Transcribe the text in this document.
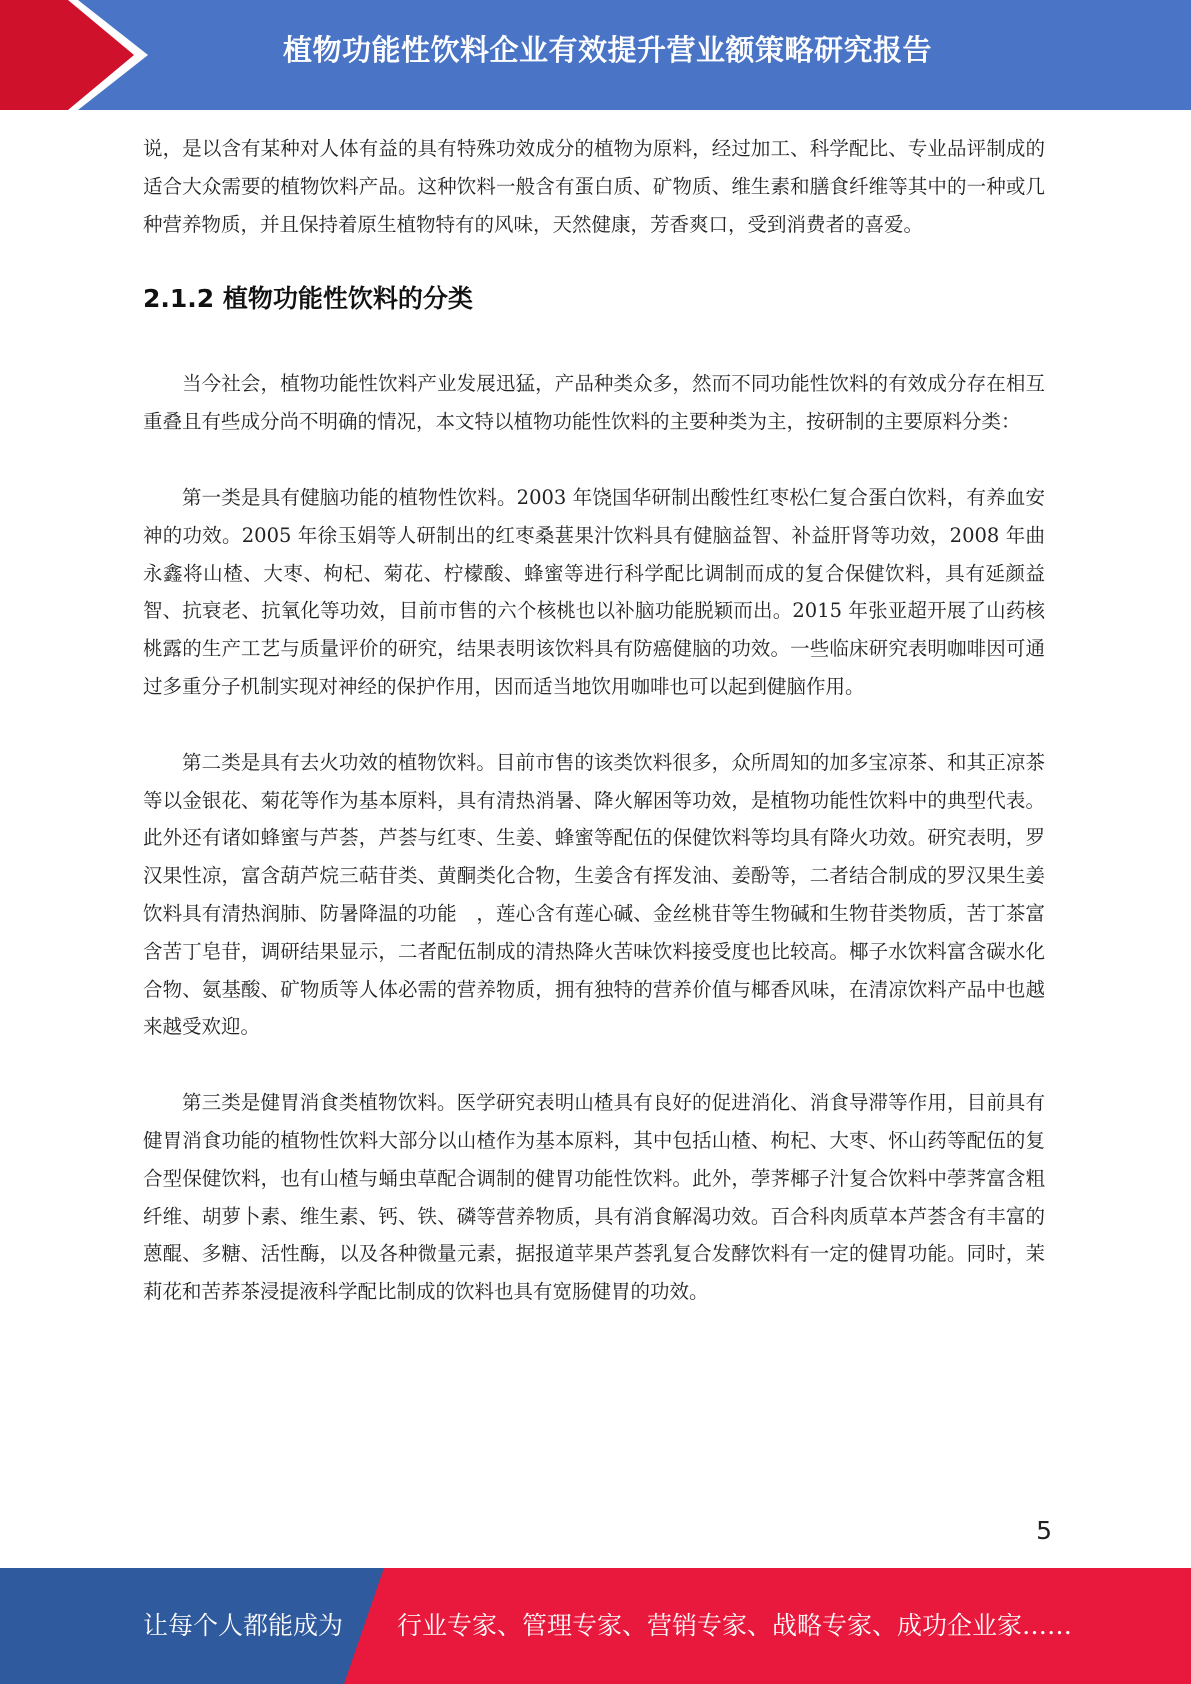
植物功能性饮料企业有效提升营业额策略研究报告

说，是以含有某种对人体有益的具有特殊功效成分的植物为原料，经过加工、科学配比、专业品评制成的适合大众需要的植物饮料产品。这种饮料一般含有蛋白质、矿物质、维生素和膳食纤维等其中的一种或几种营养物质，并且保持着原生植物特有的风味，天然健康，芳香爽口，受到消费者的喜爱。

2.1.2 植物功能性饮料的分类

当今社会，植物功能性饮料产业发展迅猛，产品种类众多，然而不同功能性饮料的有效成分存在相互重叠且有些成分尚不明确的情况，本文特以植物功能性饮料的主要种类为主，按研制的主要原料分类：

第一类是具有健脑功能的植物性饮料。2003 年饶国华研制出酸性红枣松仁复合蛋白饮料，有养血安神的功效。2005 年徐玉娟等人研制出的红枣桑葚果汁饮料具有健脑益智、补益肝肾等功效，2008 年曲永鑫将山楂、大枣、枸杞、菊花、柠檬酸、蜂蜜等进行科学配比调制而成的复合保健饮料，具有延颜益智、抗衰老、抗氧化等功效，目前市售的六个核桃也以补脑功能脱颖而出。2015 年张亚超开展了山药核桃露的生产工艺与质量评价的研究，结果表明该饮料具有防癌健脑的功效。一些临床研究表明咖啡因可通过多重分子机制实现对神经的保护作用，因而适当地饮用咖啡也可以起到健脑作用。

第二类是具有去火功效的植物饮料。目前市售的该类饮料很多，众所周知的加多宝凉茶、和其正凉茶等以金银花、菊花等作为基本原料，具有清热消暑、降火解困等功效，是植物功能性饮料中的典型代表。此外还有诸如蜂蜜与芦荟，芦荟与红枣、生姜、蜂蜜等配伍的保健饮料等均具有降火功效。研究表明，罗汉果性凉，富含葫芦烷三萜苷类、黄酮类化合物，生姜含有挥发油、姜酚等，二者结合制成的罗汉果生姜饮料具有清热润肺、防暑降温的功能　，莲心含有莲心碱、金丝桃苷等生物碱和生物苷类物质，苦丁茶富含苦丁皂苷，调研结果显示，二者配伍制成的清热降火苦味饮料接受度也比较高。椰子水饮料富含碳水化合物、氨基酸、矿物质等人体必需的营养物质，拥有独特的营养价值与椰香风味，在清凉饮料产品中也越来越受欢迎。

第三类是健胃消食类植物饮料。医学研究表明山楂具有良好的促进消化、消食导滞等作用，目前具有健胃消食功能的植物性饮料大部分以山楂作为基本原料，其中包括山楂、枸杞、大枣、怀山药等配伍的复合型保健饮料，也有山楂与蛹虫草配合调制的健胃功能性饮料。此外，荸荠椰子汁复合饮料中荸荠富含粗纤维、胡萝卜素、维生素、钙、铁、磷等营养物质，具有消食解渴功效。百合科肉质草本芦荟含有丰富的蒽醌、多糖、活性酶，以及各种微量元素，据报道苹果芦荟乳复合发酵饮料有一定的健胃功能。同时，茉莉花和苦荞茶浸提液科学配比制成的饮料也具有宽肠健胃的功效。

5
让每个人都能成为 行业专家、管理专家、营销专家、战略专家、成功企业家……
